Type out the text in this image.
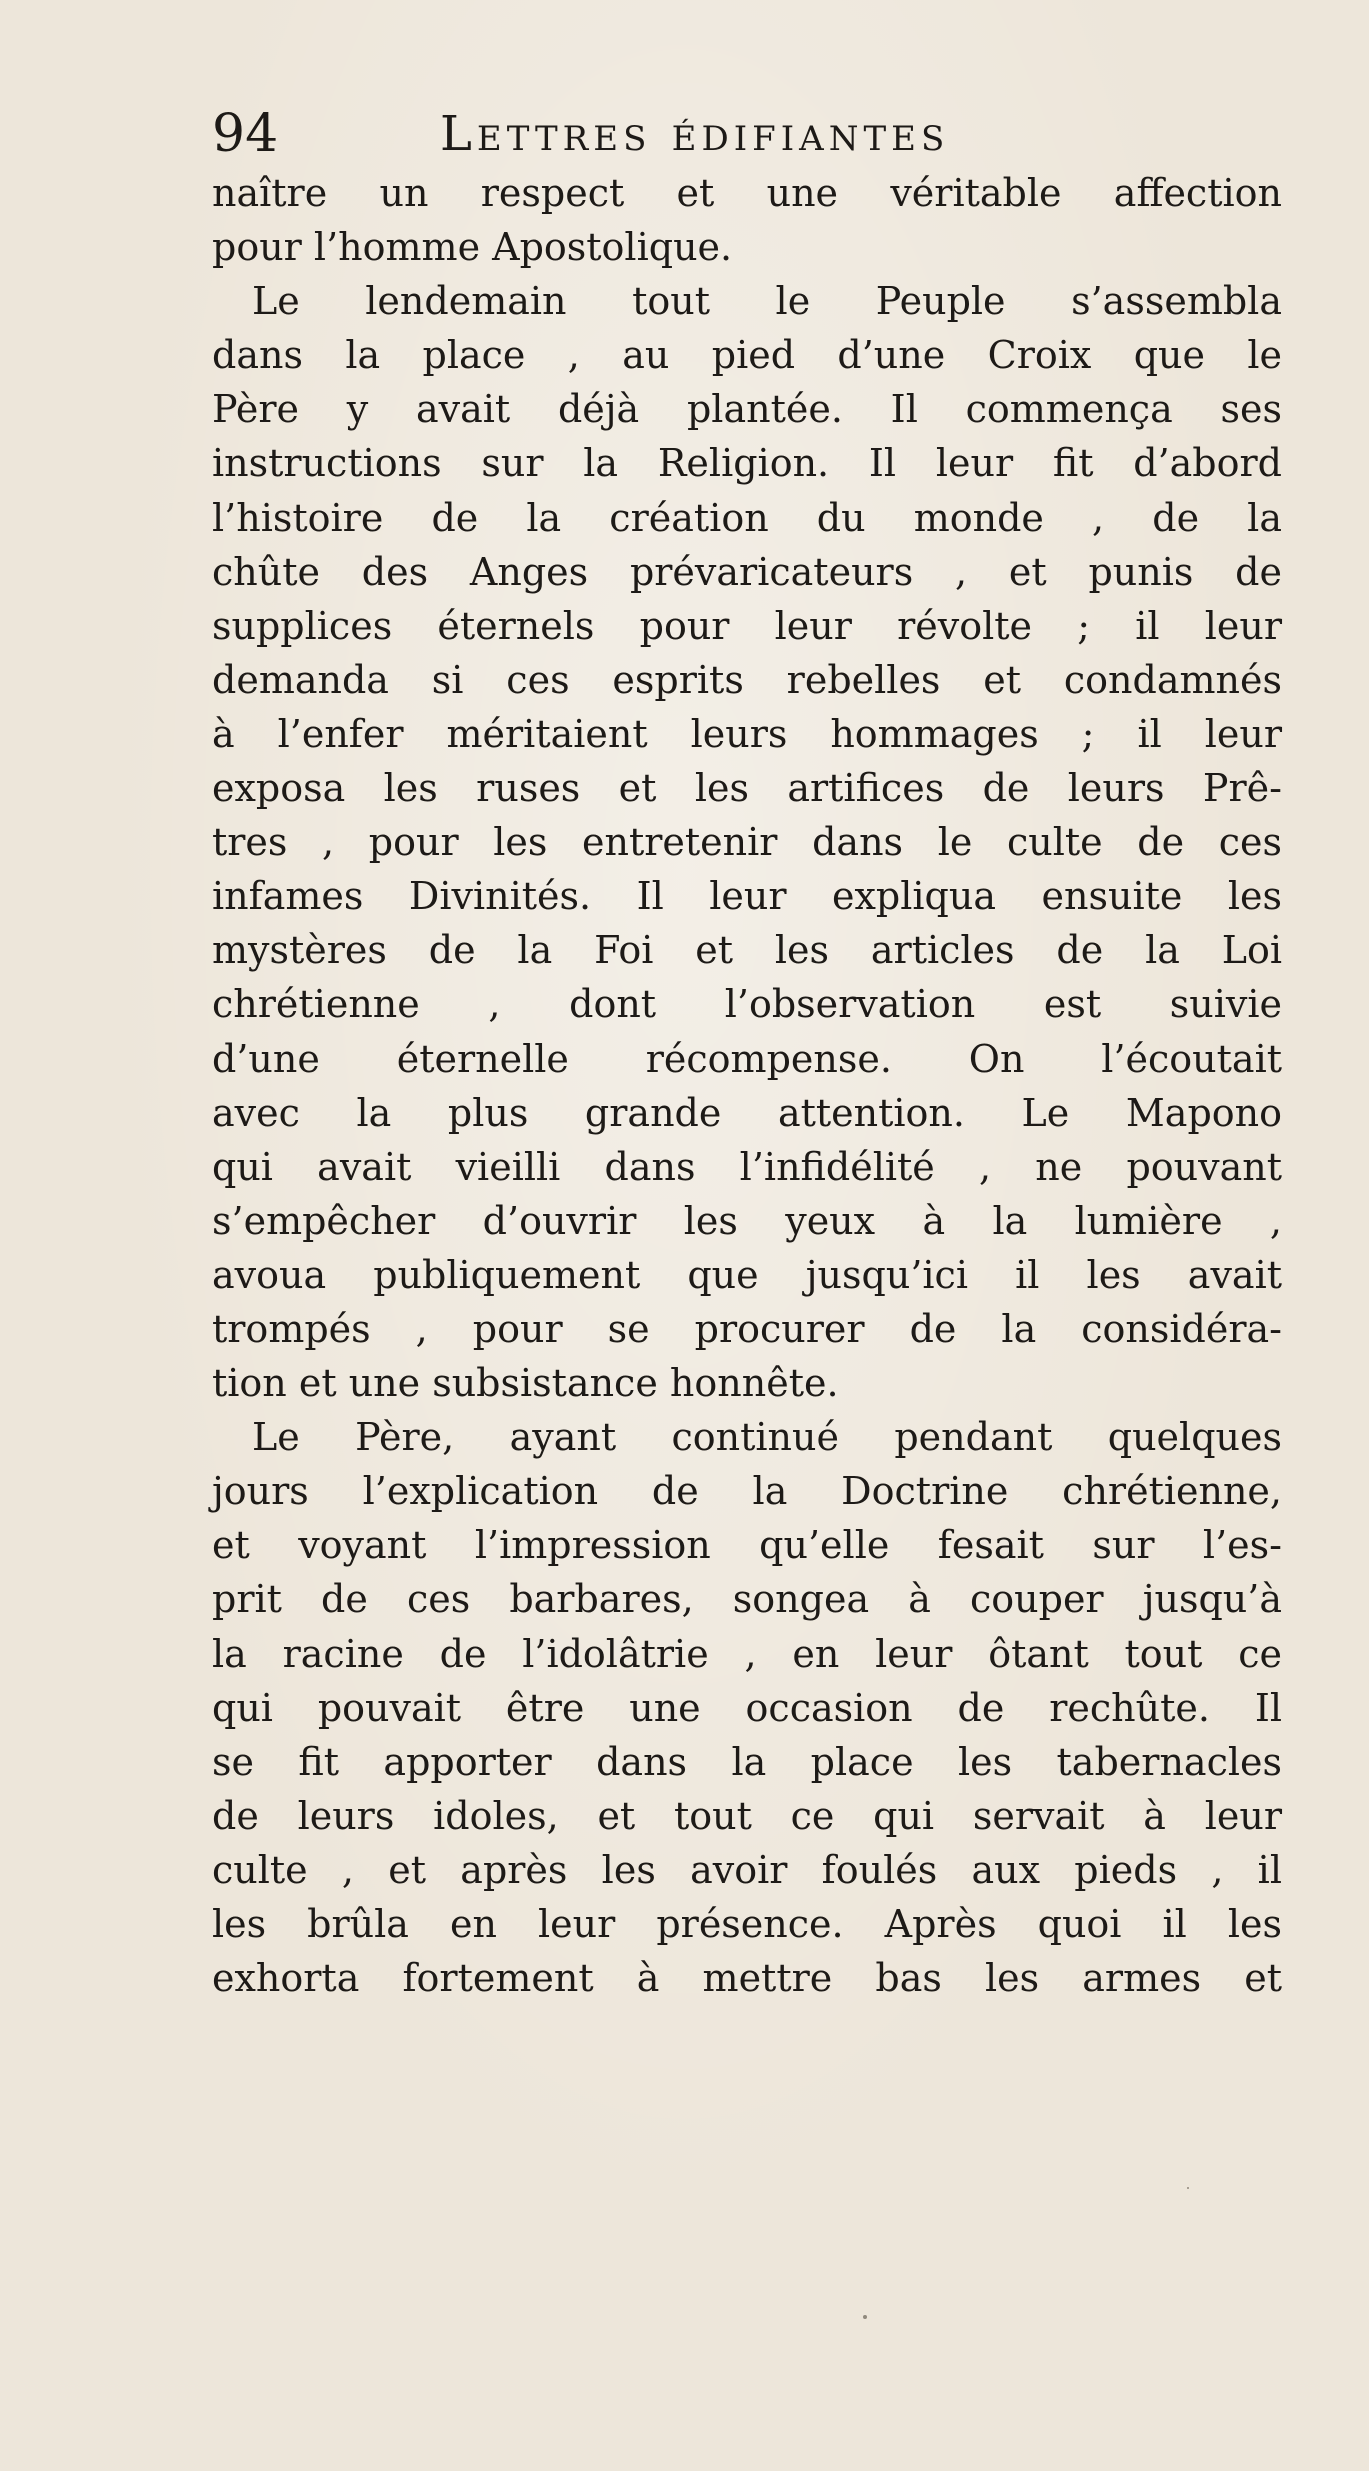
94	Lettres édifiantes
naître un respect et une véritable affection
pour l’homme Apostolique.
Le lendemain tout le Peuple s’assembla
dans la place , au pied d’une Croix que le
Père y avait déjà plantée. Il commença ses
instructions sur la Religion. Il leur fit d’abord
l’histoire de la création du monde , de la
chûte des Anges prévaricateurs , et punis de
supplices éternels pour leur révolte ; il leur
demanda si ces esprits rebelles et condamnés
à l’enfer méritaient leurs hommages ; il leur
exposa les ruses et les artifices de leurs Prê-
tres , pour les entretenir dans le culte de ces
infames Divinités. Il leur expliqua ensuite les
mystères de la Foi et les articles de la Loi
chrétienne , dont l’observation est suivie
d’une éternelle récompense. On l’écoutait
avec la plus grande attention. Le Mapono
qui avait vieilli dans l’infidélité , ne pouvant
s’empêcher d’ouvrir les yeux à la lumière ,
avoua publiquement que jusqu’ici il les avait
trompés , pour se procurer de la considéra-
tion et une subsistance honnête.
Le Père, ayant continué pendant quelques
jours l’explication de la Doctrine chrétienne,
et voyant l’impression qu’elle fesait sur l’es-
prit de ces barbares, songea à couper jusqu’à
la racine de l’idolâtrie , en leur ôtant tout ce
qui pouvait être une occasion de rechûte. Il
se fit apporter dans la place les tabernacles
de leurs idoles, et tout ce qui servait à leur
culte , et après les avoir foulés aux pieds , il
les brûla en leur présence. Après quoi il les
exhorta fortement à mettre bas les armes et
